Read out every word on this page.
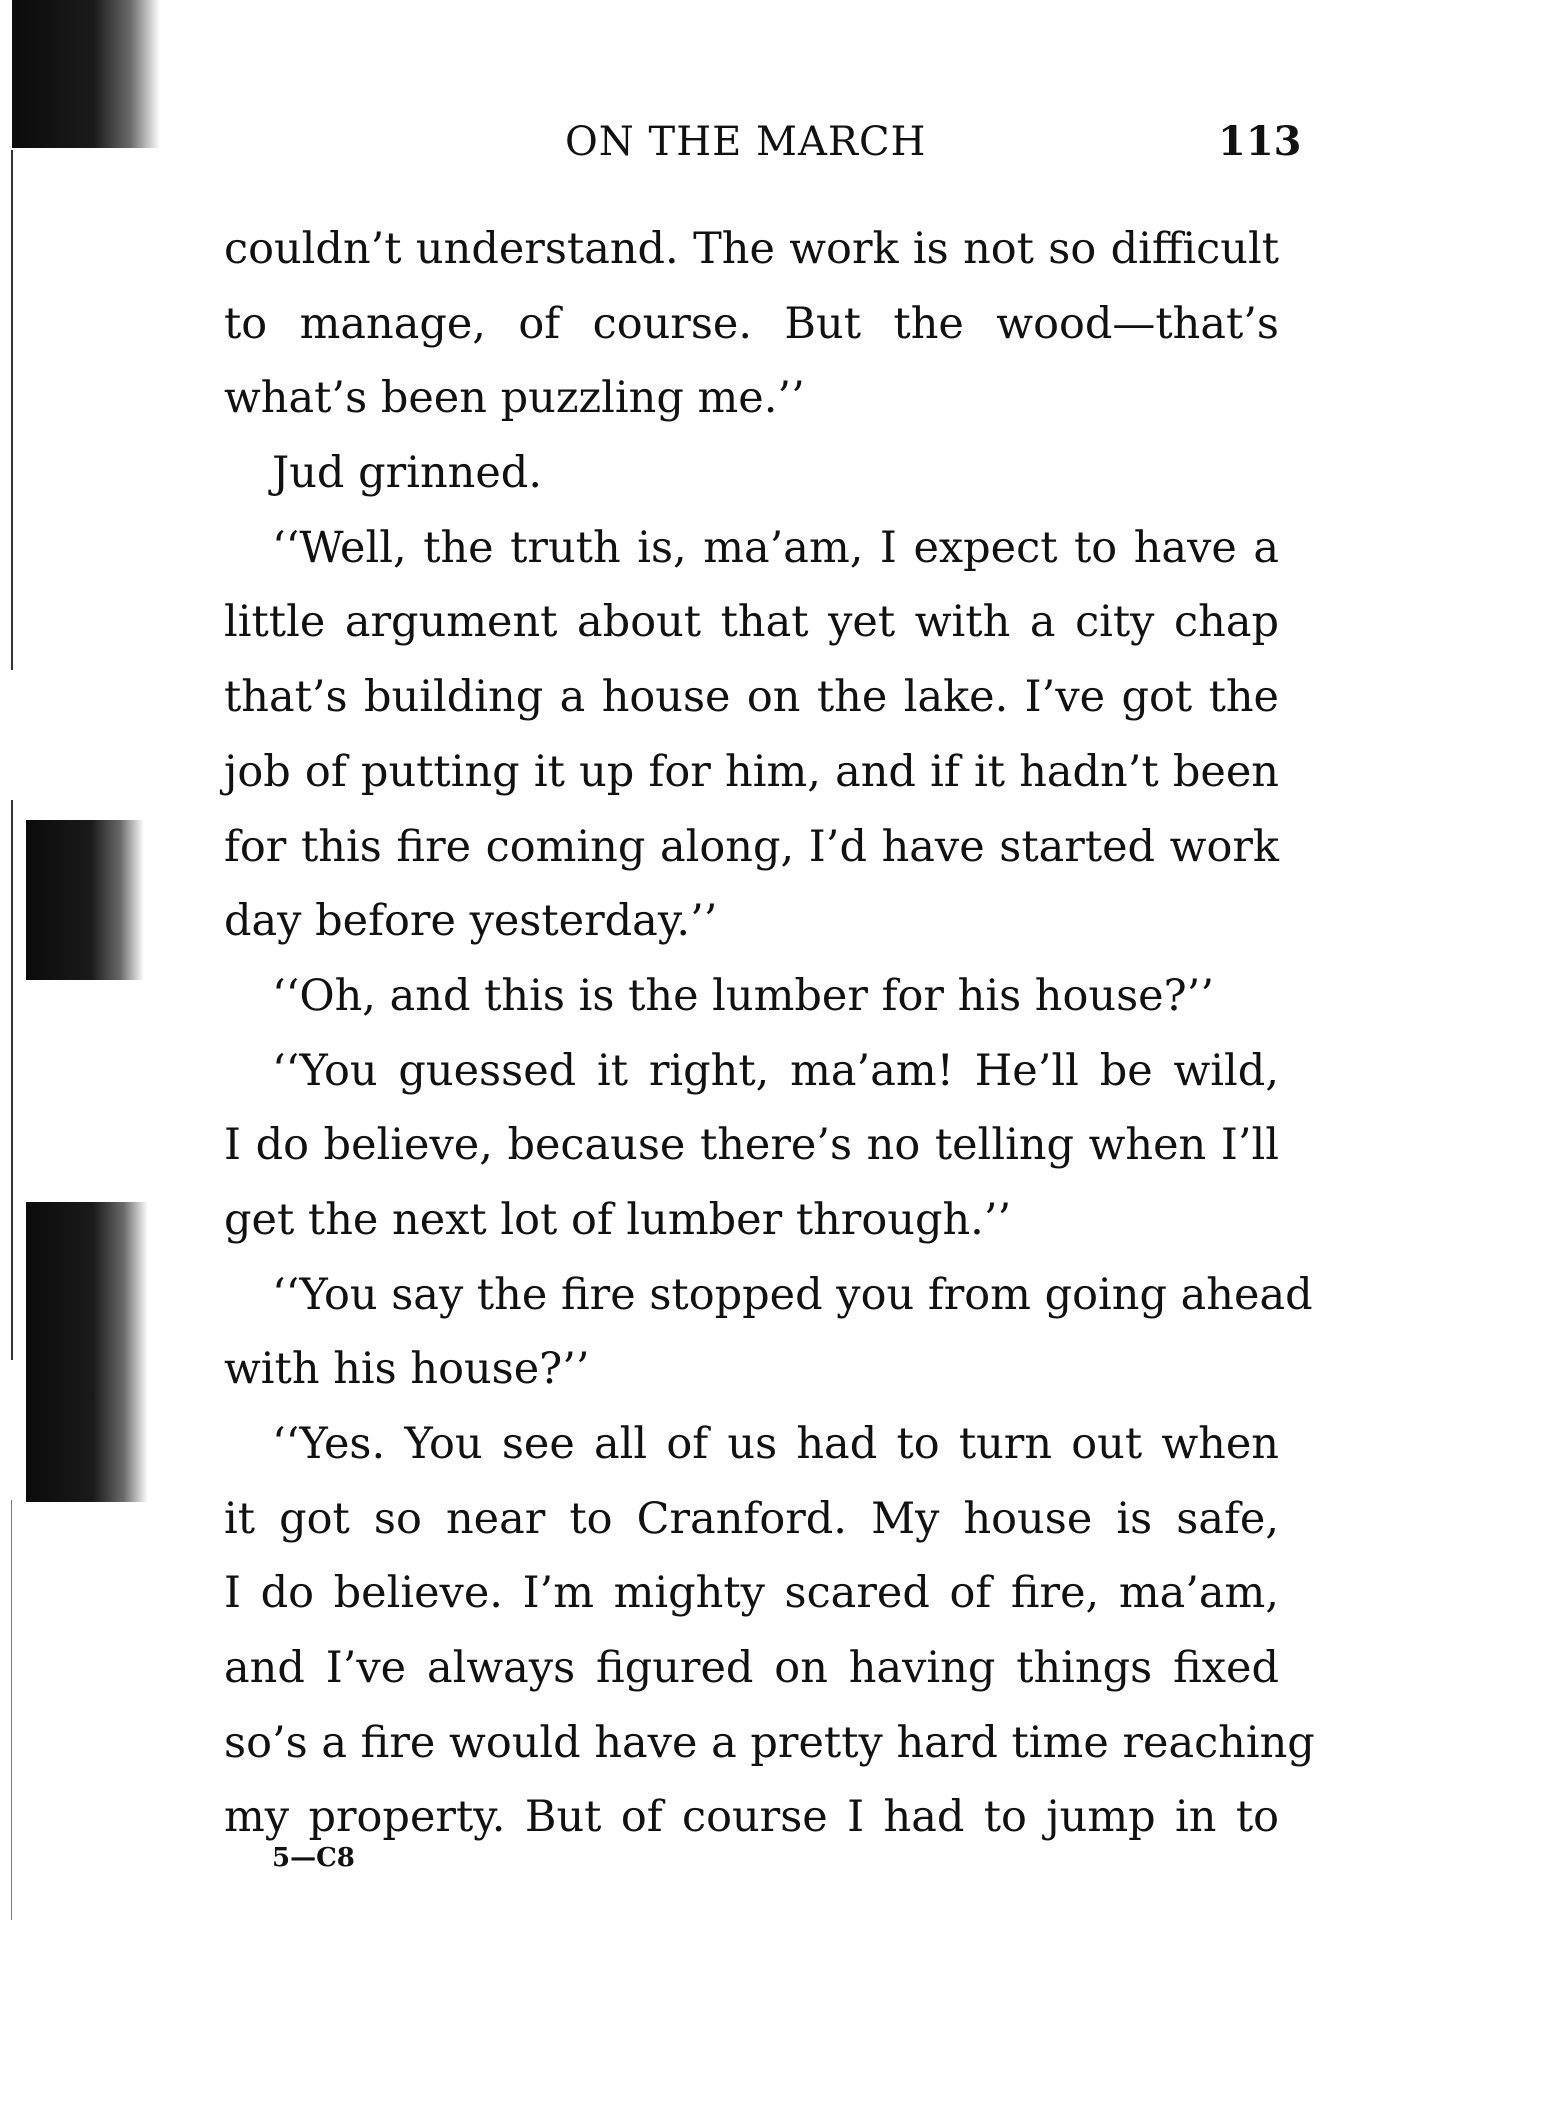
ON THE MARCH	113
couldn’t understand. The work is not so difficult
to manage, of course. But the wood—that’s
what’s been puzzling me.’’
Jud grinned.
‘‘Well, the truth is, ma’am, I expect to have a
little argument about that yet with a city chap
that’s building a house on the lake. I’ve got the
job of putting it up for him, and if it hadn’t been
for this fire coming along, I’d have started work
day before yesterday.’’
‘‘Oh, and this is the lumber for his house?’’
‘‘You guessed it right, ma’am! He’ll be wild,
I do believe, because there’s no telling when I’ll
get the next lot of lumber through.’’
‘‘You say the fire stopped you from going ahead
with his house?’’
‘‘Yes. You see all of us had to turn out when
it got so near to Cranford. My house is safe,
I do believe. I’m mighty scared of fire, ma’am,
and I’ve always figured on having things fixed
so’s a fire would have a pretty hard time reaching
my property. But of course I had to jump in to
5—C8
